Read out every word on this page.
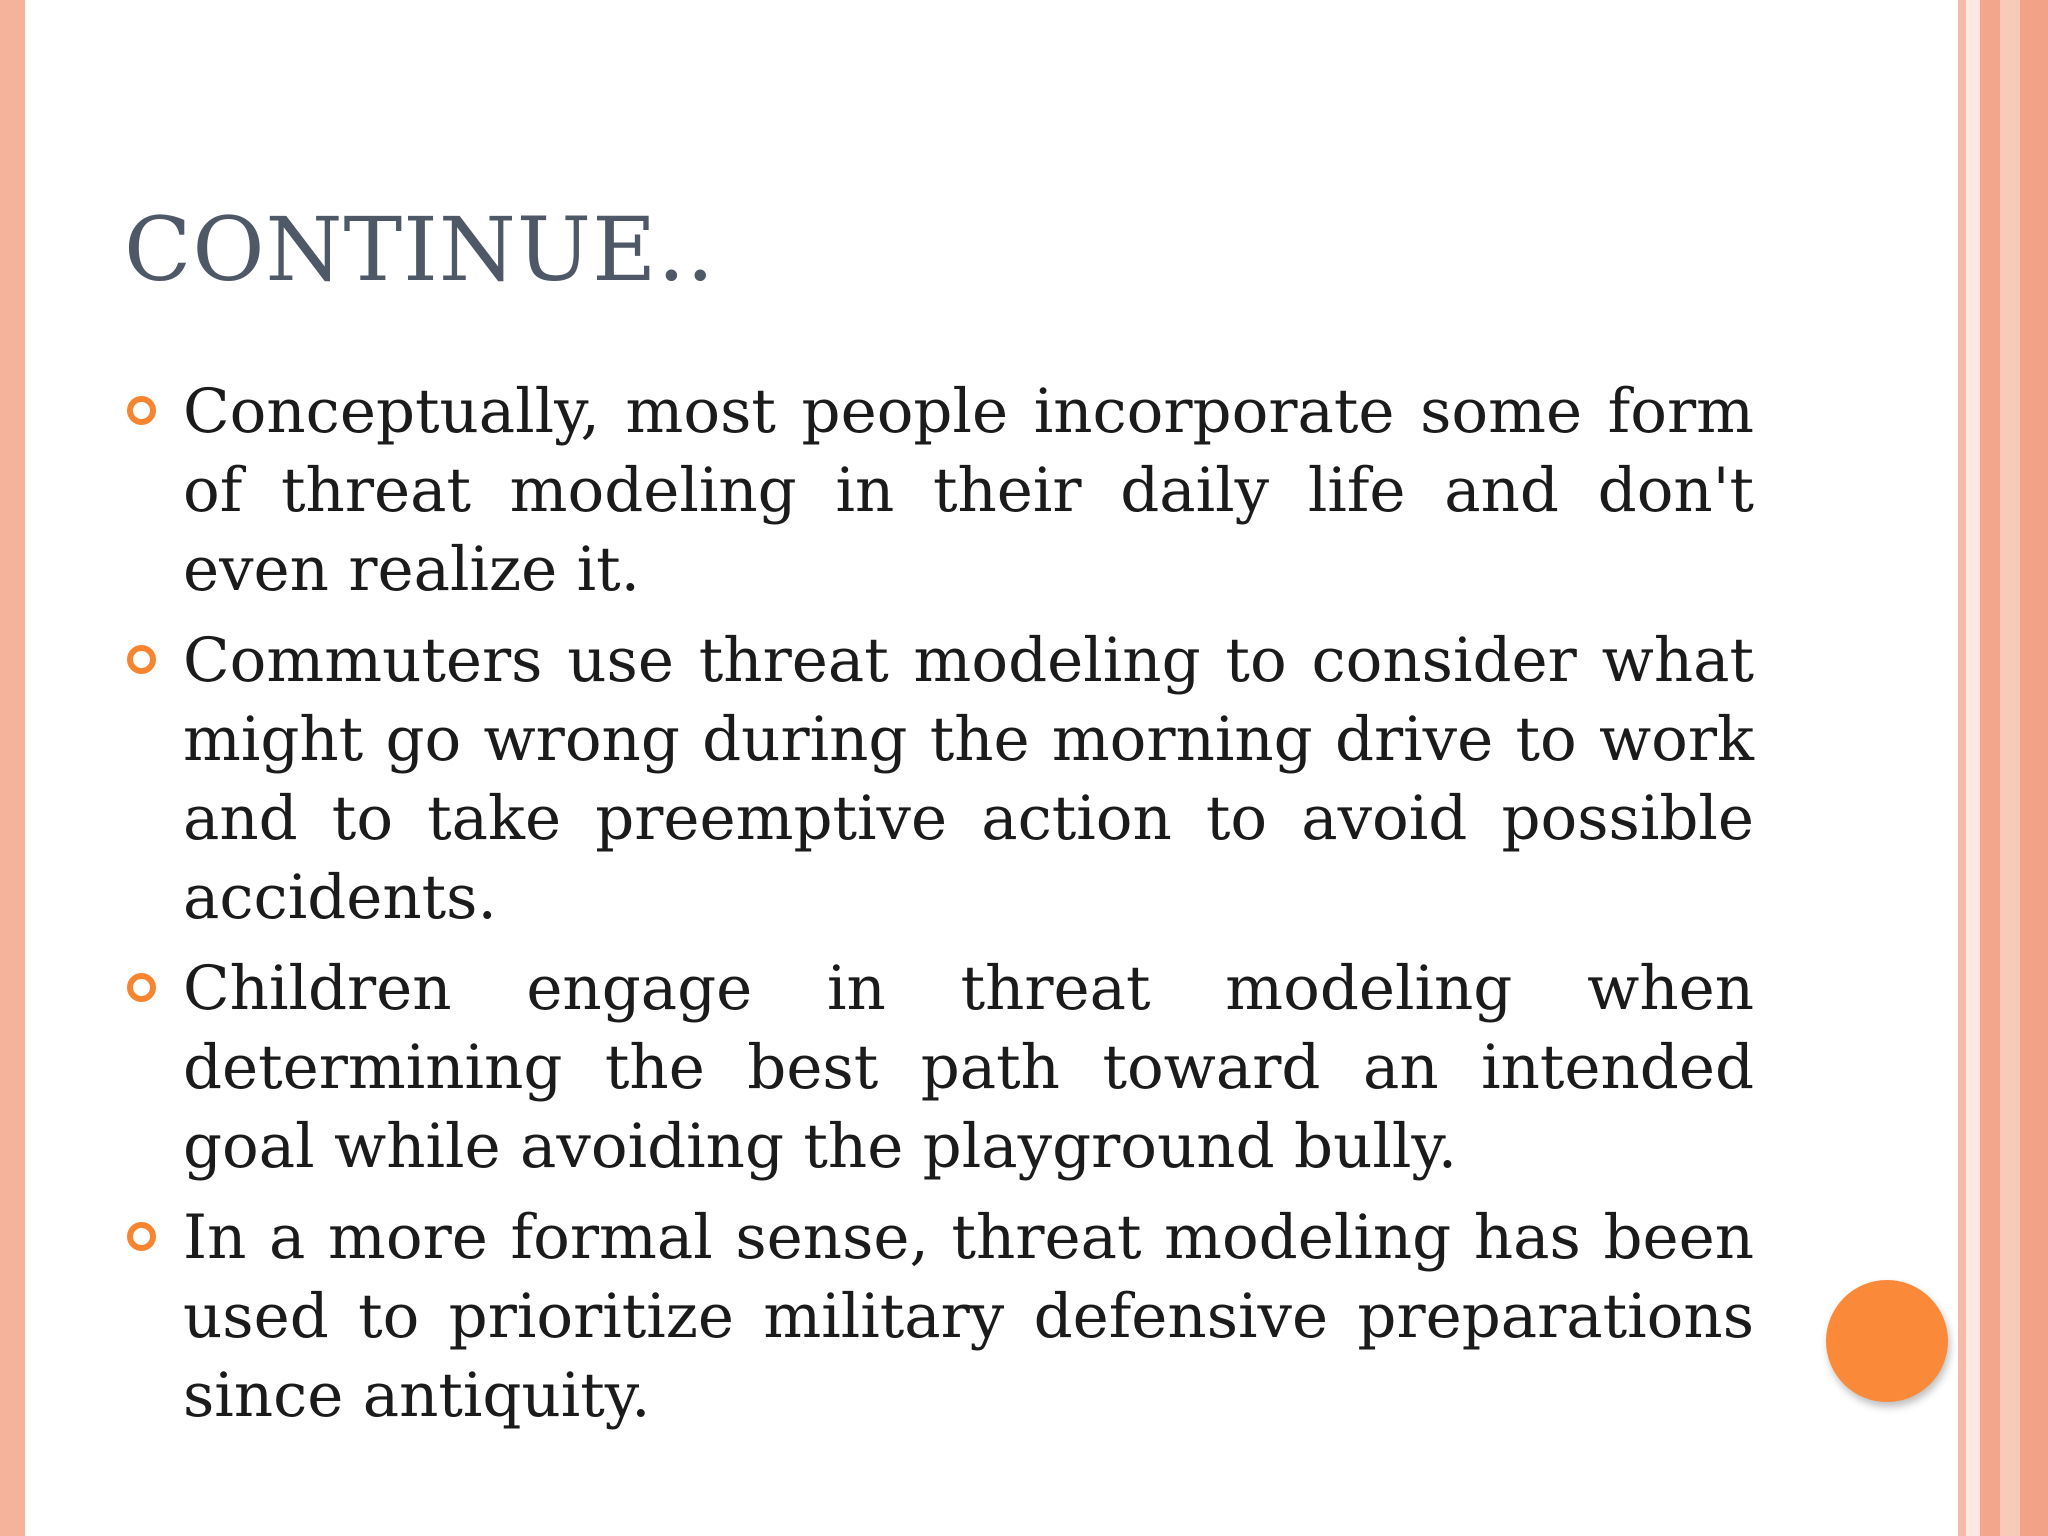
CONTINUE..

Conceptually, most people incorporate some form of threat modeling in their daily life and don't even realize it.

Commuters use threat modeling to consider what might go wrong during the morning drive to work and to take preemptive action to avoid possible accidents.

Children engage in threat modeling when determining the best path toward an intended goal while avoiding the playground bully.

In a more formal sense, threat modeling has been used to prioritize military defensive preparations since antiquity.
